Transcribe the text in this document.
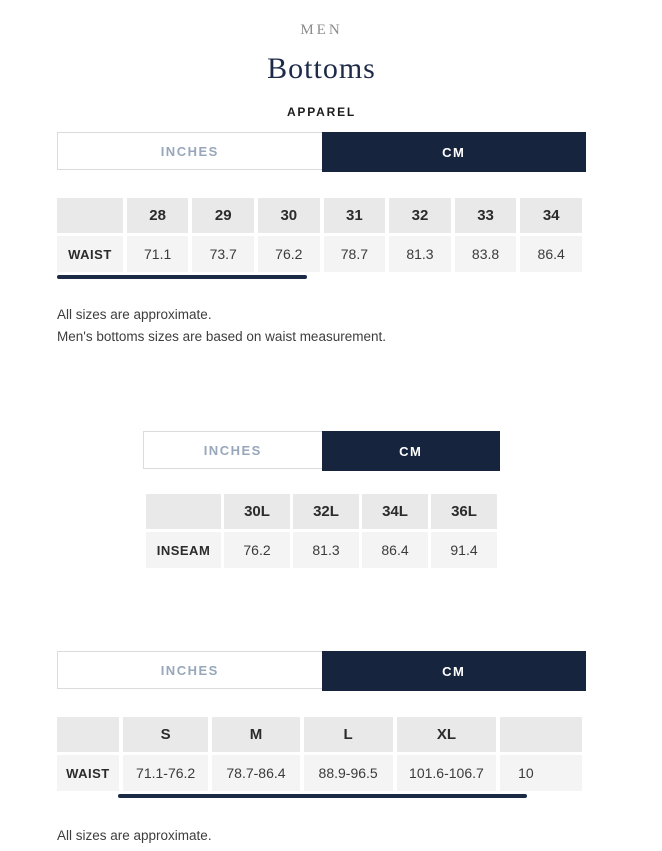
MEN
Bottoms
APPAREL
INCHES	CM
	28	29	30	31	32	33	34
WAIST	71.1	73.7	76.2	78.7	81.3	83.8	86.4

All sizes are approximate.

Men's bottoms sizes are based on waist measurement.

INCHES	CM
	30L	32L	34L	36L
INSEAM	76.2	81.3	86.4	91.4
INCHES	CM
	S	M	L	XL	
WAIST	71.1-76.2	78.7-86.4	88.9-96.5	101.6-106.7	10

All sizes are approximate.
